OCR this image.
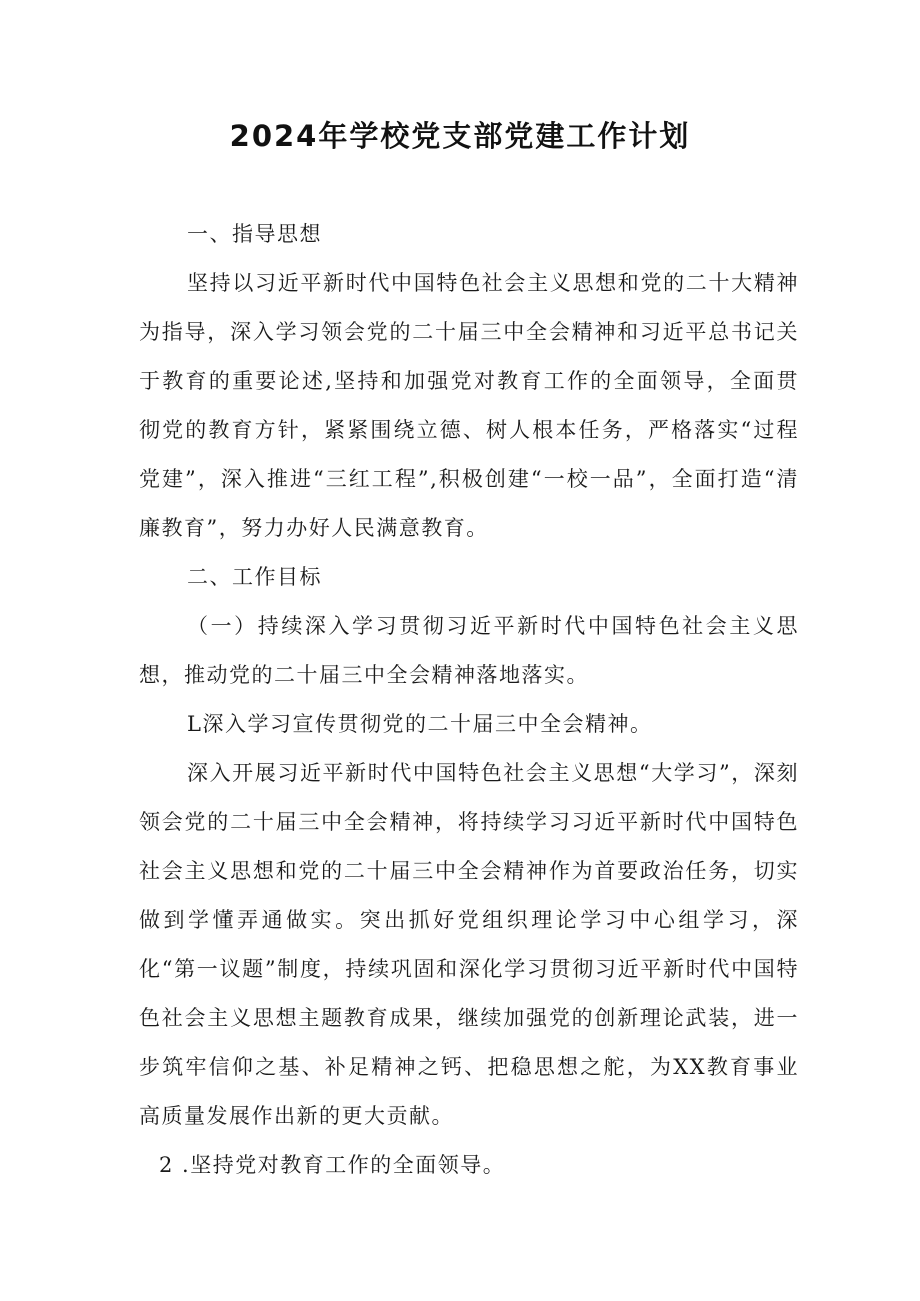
2024年学校党支部党建工作计划

一、指导思想

坚持以习近平新时代中国特色社会主义思想和党的二十大精神为指导，深入学习领会党的二十届三中全会精神和习近平总书记关于教育的重要论述,坚持和加强党对教育工作的全面领导，全面贯彻党的教育方针，紧紧围绕立德、树人根本任务，严格落实“过程党建”，深入推进“三红工程”,积极创建“一校一品”，全面打造“清廉教育”，努力办好人民满意教育。

二、工作目标

（一）持续深入学习贯彻习近平新时代中国特色社会主义思想，推动党的二十届三中全会精神落地落实。

L深入学习宣传贯彻党的二十届三中全会精神。

深入开展习近平新时代中国特色社会主义思想“大学习”，深刻领会党的二十届三中全会精神，将持续学习习近平新时代中国特色社会主义思想和党的二十届三中全会精神作为首要政治任务，切实做到学懂弄通做实。突出抓好党组织理论学习中心组学习，深化“第一议题”制度，持续巩固和深化学习贯彻习近平新时代中国特色社会主义思想主题教育成果，继续加强党的创新理论武装，进一步筑牢信仰之基、补足精神之钙、把稳思想之舵，为XX教育事业高质量发展作出新的更大贡献。

2 .坚持党对教育工作的全面领导。
